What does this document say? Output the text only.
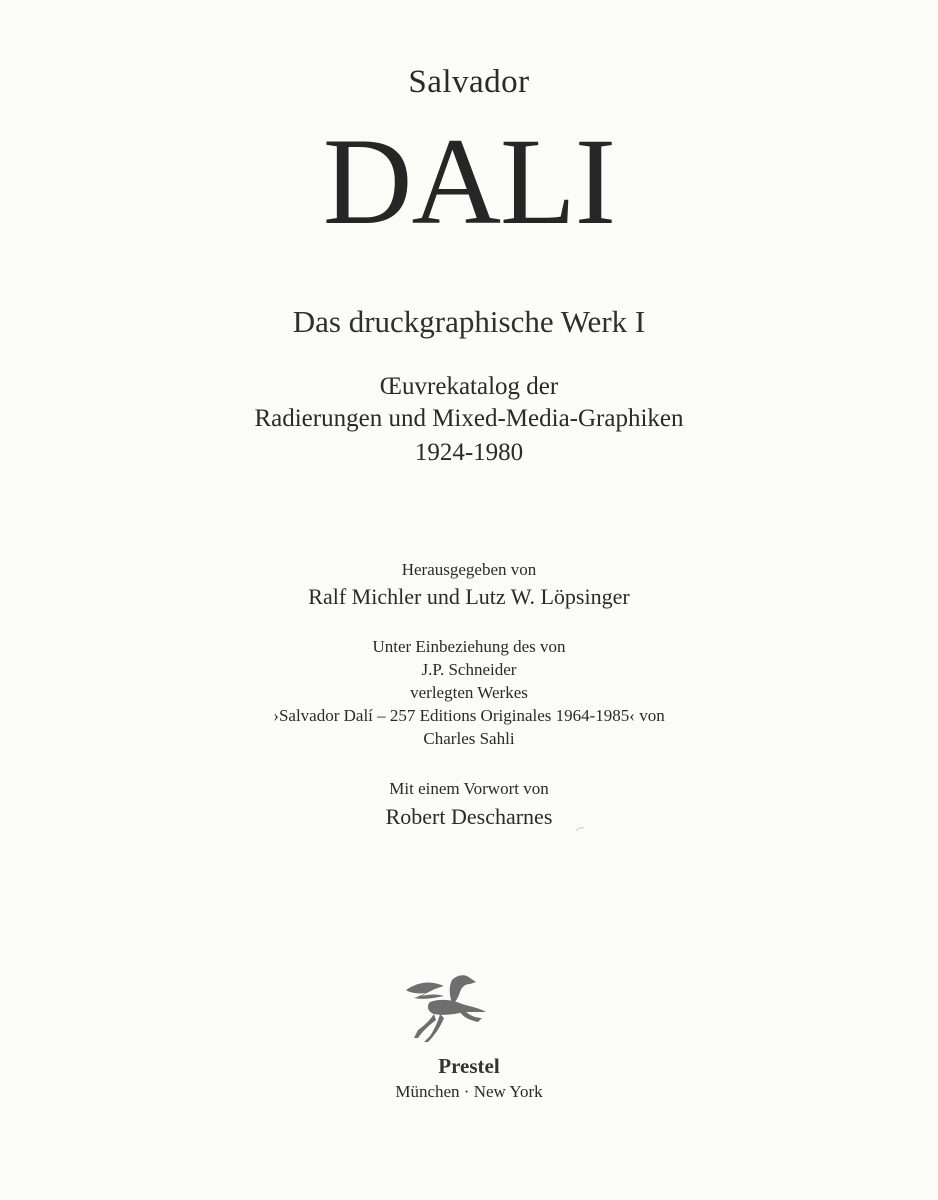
Salvador
DALI
Das druckgraphische Werk I
Œuvrekatalog der
Radierungen und Mixed-Media-Graphiken
1924-1980
Herausgegeben von
Ralf Michler und Lutz W. Löpsinger
Unter Einbeziehung des von
J.P. Schneider
verlegten Werkes
›Salvador Dalí – 257 Editions Originales 1964-1985‹ von
Charles Sahli
Mit einem Vorwort von
Robert Descharnes
Prestel
München · New York
